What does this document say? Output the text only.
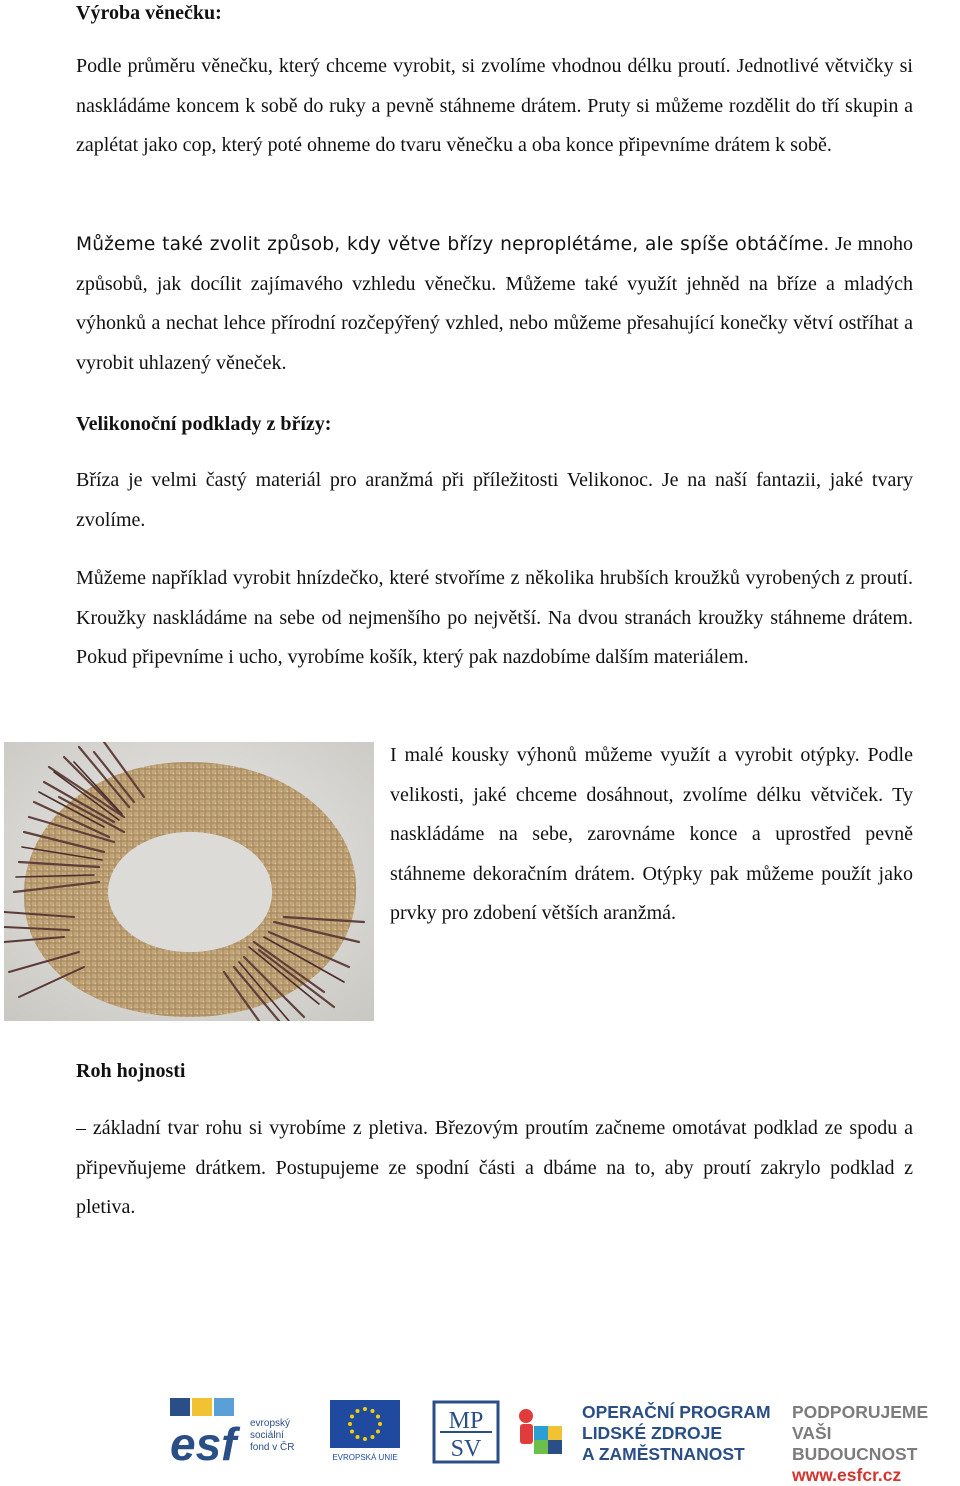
Výroba věnečku:

Podle průměru věnečku, který chceme vyrobit, si zvolíme vhodnou délku proutí. Jednotlivé větvičky si naskládáme koncem k sobě do ruky a pevně stáhneme drátem. Pruty si můžeme rozdělit do tří skupin a zaplétat jako cop, který poté ohneme do tvaru věnečku a oba konce připevníme drátem k sobě.

Můžeme také zvolit způsob, kdy větve břízy neproplétáme, ale spíše obtáčíme. Je mnoho způsobů, jak docílit zajímavého vzhledu věnečku. Můžeme také využít jehněd na bříze a mladých výhonků a nechat lehce přírodní rozčepýřený vzhled, nebo můžeme přesahující konečky větví ostříhat a vyrobit uhlazený věneček.

Velikonoční podklady z břízy:

Bříza je velmi častý materiál pro aranžmá při příležitosti Velikonoc. Je na naší fantazii, jaké tvary zvolíme.

Můžeme například vyrobit hnízdečko, které stvoříme z několika hrubších kroužků vyrobených z proutí. Kroužky naskládáme na sebe od nejmenšího po největší. Na dvou stranách kroužky stáhneme drátem. Pokud připevníme i ucho, vyrobíme košík, který pak nazdobíme dalším materiálem.

I malé kousky výhonů můžeme využít a vyrobit otýpky. Podle velikosti, jaké chceme dosáhnout, zvolíme délku větviček. Ty naskládáme na sebe, zarovnáme konce a uprostřed pevně stáhneme dekoračním drátem. Otýpky pak můžeme použít jako prvky pro zdobení větších aranžmá.

Roh hojnosti

– základní tvar rohu si vyrobíme z pletiva. Březovým proutím začneme omotávat podklad ze spodu a připevňujeme drátkem. Postupujeme ze spodní části a dbáme na to, aby proutí zakrylo podklad z pletiva.

esf	evropský
sociální
fond v ČR
EVROPSKÁ UNIE
MP
SV
OPERAČNÍ PROGRAM
LIDSKÉ ZDROJE
A ZAMĚSTNANOST
PODPORUJEME
VAŠI BUDOUCNOST
www.esfcr.cz
